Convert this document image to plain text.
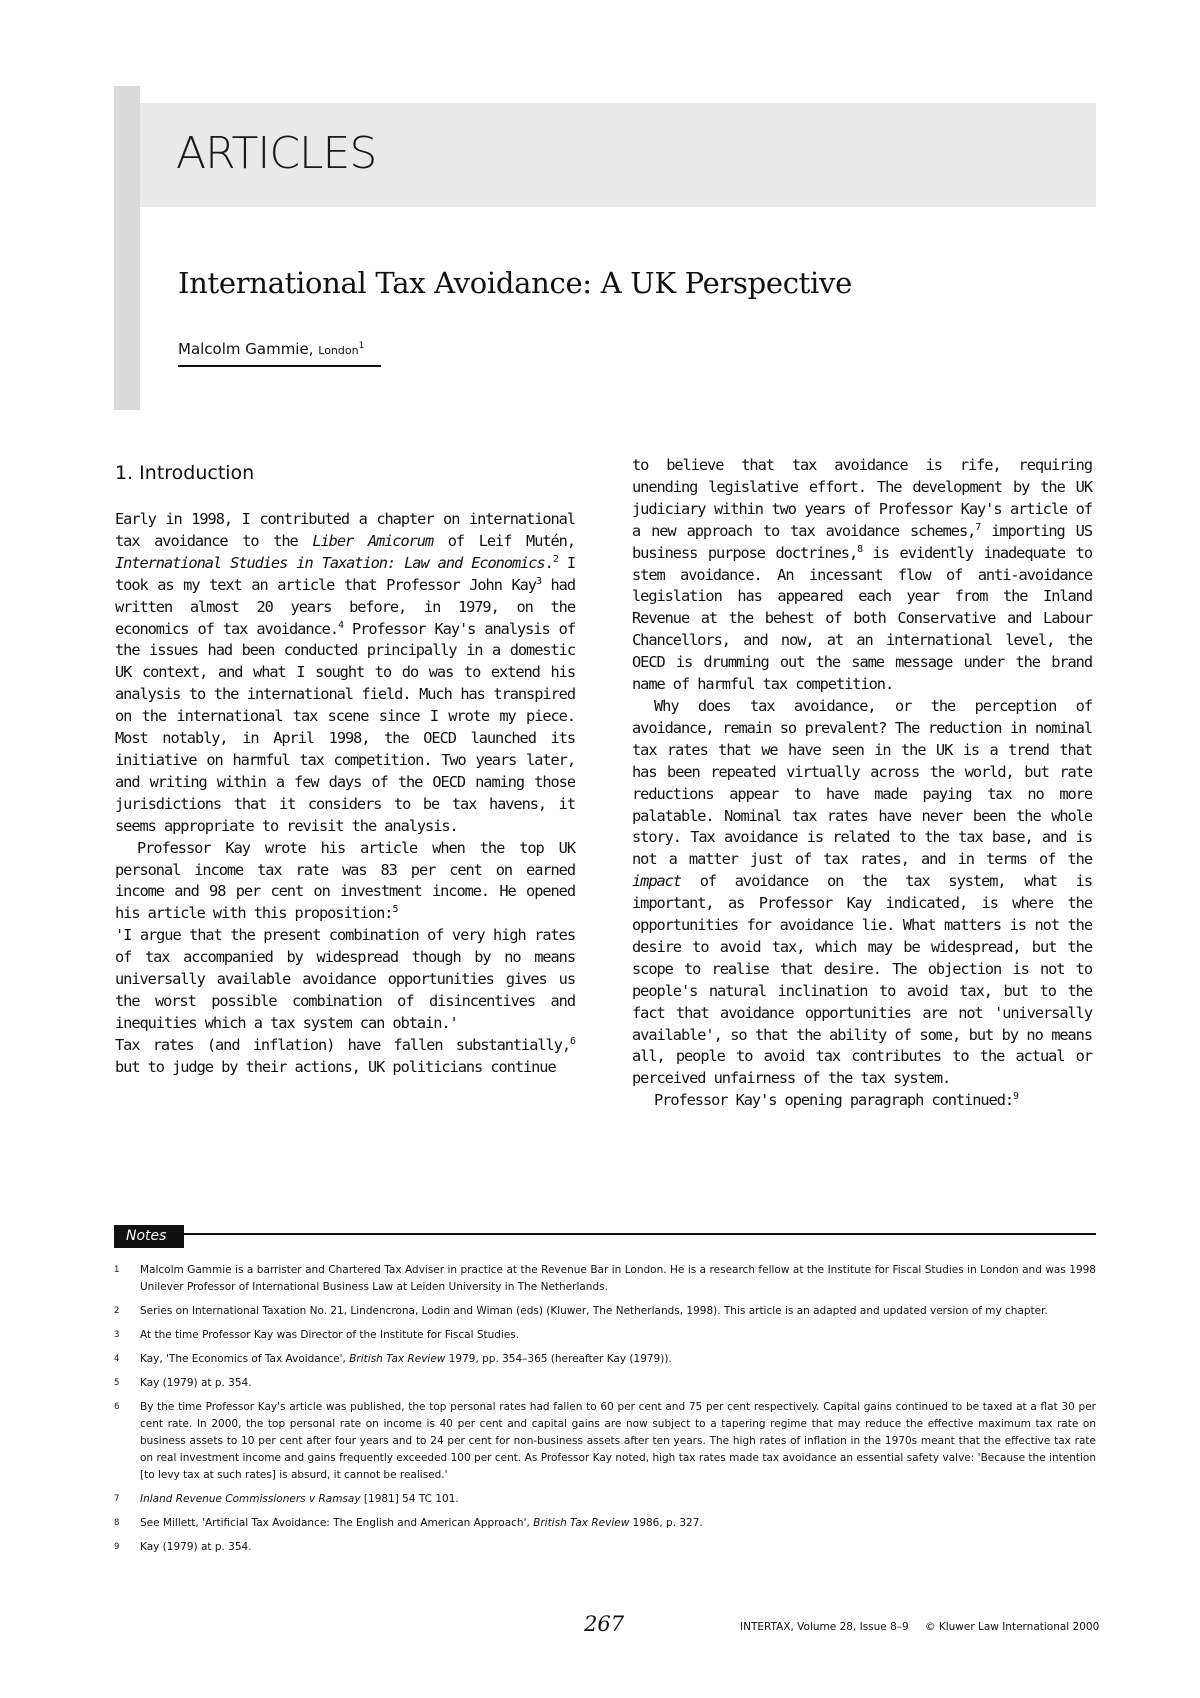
ARTICLES
International Tax Avoidance: A UK Perspective
Malcolm Gammie, London$^1$
1. Introduction

Early in 1998, I contributed a chapter on international tax avoidance to the Liber Amicorum of Leif Mutén, International Studies in Taxation: Law and Economics.$^2$ I took as my text an article that Professor John Kay$^3$ had written almost 20 years before, in 1979, on the economics of tax avoidance.$^4$ Professor Kay's analysis of the issues had been conducted principally in a domestic UK context, and what I sought to do was to extend his analysis to the international field. Much has transpired on the international tax scene since I wrote my piece. Most notably, in April 1998, the OECD launched its initiative on harmful tax competition. Two years later, and writing within a few days of the OECD naming those jurisdictions that it considers to be tax havens, it seems appropriate to revisit the analysis.

Professor Kay wrote his article when the top UK personal income tax rate was 83 per cent on earned income and 98 per cent on investment income. He opened his article with this proposition:$^5$

'I argue that the present combination of very high rates of tax accompanied by widespread though by no means universally available avoidance opportunities gives us the worst possible combination of disincentives and inequities which a tax system can obtain.'

Tax rates (and inflation) have fallen substantially,$^6$ but to judge by their actions, UK politicians continue

to believe that tax avoidance is rife, requiring unending legislative effort. The development by the UK judiciary within two years of Professor Kay's article of a new approach to tax avoidance schemes,$^7$ importing US business purpose doctrines,$^8$ is evidently inadequate to stem avoidance. An incessant flow of anti-avoidance legislation has appeared each year from the Inland Revenue at the behest of both Conservative and Labour Chancellors, and now, at an international level, the OECD is drumming out the same message under the brand name of harmful tax competition.

Why does tax avoidance, or the perception of avoidance, remain so prevalent? The reduction in nominal tax rates that we have seen in the UK is a trend that has been repeated virtually across the world, but rate reductions appear to have made paying tax no more palatable. Nominal tax rates have never been the whole story. Tax avoidance is related to the tax base, and is not a matter just of tax rates, and in terms of the impact of avoidance on the tax system, what is important, as Professor Kay indicated, is where the opportunities for avoidance lie. What matters is not the desire to avoid tax, which may be widespread, but the scope to realise that desire. The objection is not to people's natural inclination to avoid tax, but to the fact that avoidance opportunities are not 'universally available', so that the ability of some, but by no means all, people to avoid tax contributes to the actual or perceived unfairness of the tax system.

Professor Kay's opening paragraph continued:$^9$

Notes
1	Malcolm Gammie is a barrister and Chartered Tax Adviser in practice at the Revenue Bar in London. He is a research fellow at the Institute for Fiscal Studies in London and was 1998 Unilever Professor of International Business Law at Leiden University in The Netherlands.
2	Series on International Taxation No. 21, Lindencrona, Lodin and Wiman (eds) (Kluwer, The Netherlands, 1998). This article is an adapted and updated version of my chapter.
3	At the time Professor Kay was Director of the Institute for Fiscal Studies.
4	Kay, 'The Economics of Tax Avoidance', British Tax Review 1979, pp. 354–365 (hereafter Kay (1979)).
5	Kay (1979) at p. 354.
6	By the time Professor Kay's article was published, the top personal rates had fallen to 60 per cent and 75 per cent respectively. Capital gains continued to be taxed at a flat 30 per cent rate. In 2000, the top personal rate on income is 40 per cent and capital gains are now subject to a tapering regime that may reduce the effective maximum tax rate on business assets to 10 per cent after four years and to 24 per cent for non-business assets after ten years. The high rates of inflation in the 1970s meant that the effective tax rate on real investment income and gains frequently exceeded 100 per cent. As Professor Kay noted, high tax rates made tax avoidance an essential safety valve: 'Because the intention [to levy tax at such rates] is absurd, it cannot be realised.'
7	Inland Revenue Commissioners v Ramsay [1981] 54 TC 101.
8	See Millett, 'Artificial Tax Avoidance: The English and American Approach', British Tax Review 1986, p. 327.
9	Kay (1979) at p. 354.
267	INTERTAX, Volume 28, Issue 8–9 © Kluwer Law International 2000
